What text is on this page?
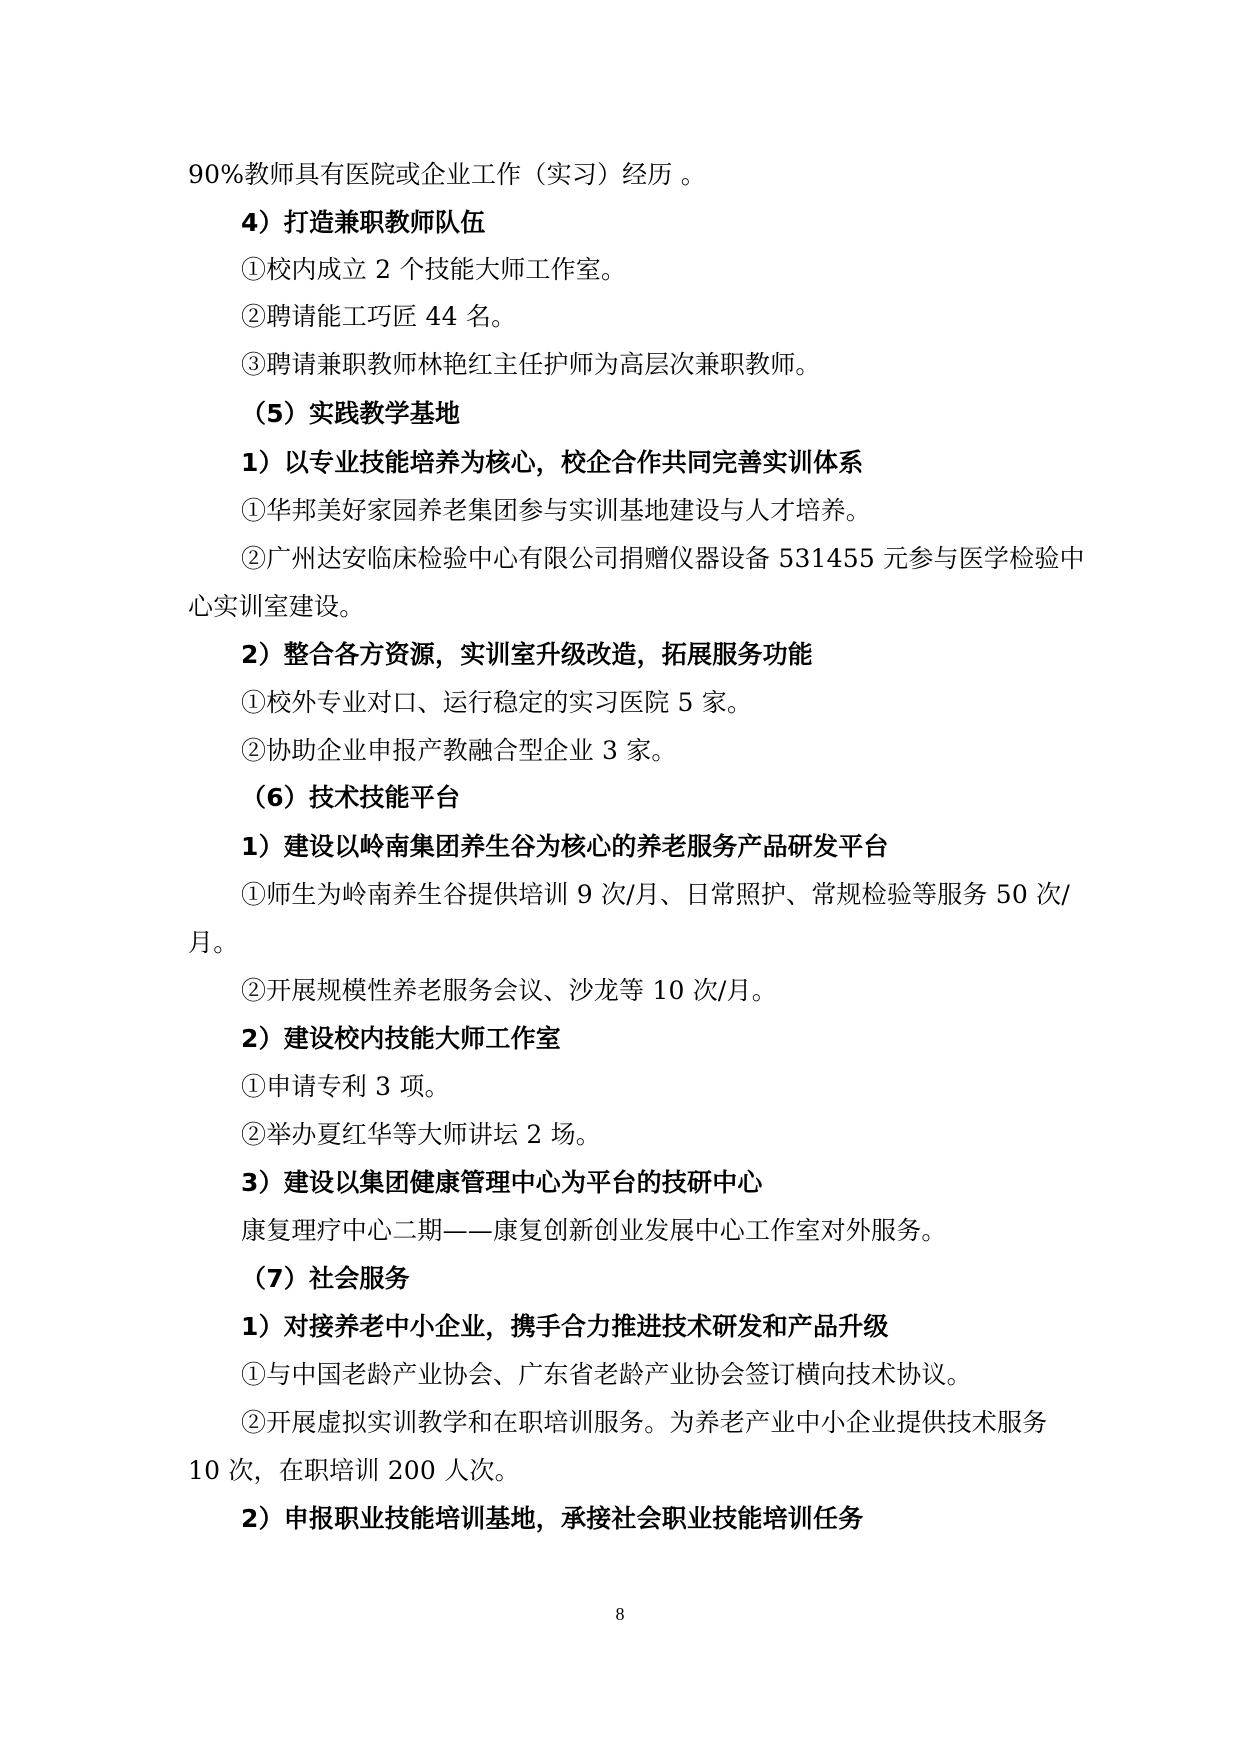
90%教师具有医院或企业工作（实习）经历 。
4）打造兼职教师队伍
①校内成立 2 个技能大师工作室。
②聘请能工巧匠 44 名。
③聘请兼职教师林艳红主任护师为高层次兼职教师。
（5）实践教学基地
1）以专业技能培养为核心，校企合作共同完善实训体系
①华邦美好家园养老集团参与实训基地建设与人才培养。
②广州达安临床检验中心有限公司捐赠仪器设备 531455 元参与医学检验中
心实训室建设。
2）整合各方资源，实训室升级改造，拓展服务功能
①校外专业对口、运行稳定的实习医院 5 家。
②协助企业申报产教融合型企业 3 家。
（6）技术技能平台
1）建设以岭南集团养生谷为核心的养老服务产品研发平台
①师生为岭南养生谷提供培训 9 次/月、日常照护、常规检验等服务 50 次/
月。
②开展规模性养老服务会议、沙龙等 10 次/月。
2）建设校内技能大师工作室
①申请专利 3 项。
②举办夏红华等大师讲坛 2 场。
3）建设以集团健康管理中心为平台的技研中心
康复理疗中心二期——康复创新创业发展中心工作室对外服务。
（7）社会服务
1）对接养老中小企业，携手合力推进技术研发和产品升级
①与中国老龄产业协会、广东省老龄产业协会签订横向技术协议。
②开展虚拟实训教学和在职培训服务。为养老产业中小企业提供技术服务
10 次，在职培训 200 人次。
2）申报职业技能培训基地，承接社会职业技能培训任务
8
